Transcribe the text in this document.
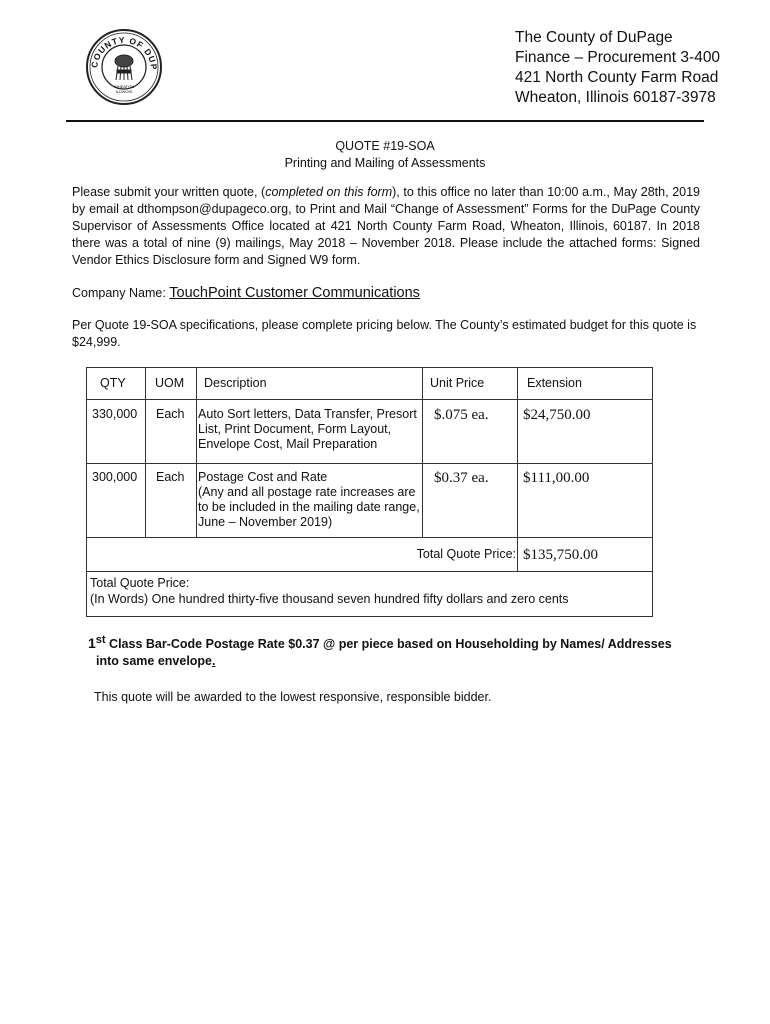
COUNTY OF DUP
WHEATON
ILLINOIS
The County of DuPage
Finance – Procurement 3-400
421 North County Farm Road
Wheaton, Illinois 60187-3978
QUOTE #19-SOA
Printing and Mailing of Assessments
Please submit your written quote, (completed on this form), to this office no later than 10:00 a.m., May 28th, 2019 by email at dthompson@dupageco.org, to Print and Mail “Change of Assessment” Forms for the DuPage County Supervisor of Assessments Office located at 421 North County Farm Road, Wheaton, Illinois, 60187. In 2018 there was a total of nine (9) mailings, May 2018 – November 2018. Please include the attached forms: Signed Vendor Ethics Disclosure form and Signed W9 form.
Company Name: TouchPoint Customer Communications
Per Quote 19-SOA specifications, please complete pricing below. The County’s estimated budget for this quote is $24,999.
QTY UOM Description	Unit Price	Extension
330,000 Each Auto Sort letters, Data Transfer, Presort
List, Print Document, Form Layout,
Envelope Cost, Mail Preparation
$.075 ea. $24,750.00
300,000 Each Postage Cost and Rate
(Any and all postage rate increases are
to be included in the mailing date range,
June – November 2019)
$0.37 ea. $111,00.00
Total Quote Price: $135,750.00
Total Quote Price:
(In Words) One hundred thirty-five thousand seven hundred fifty dollars and zero cents
1st Class Bar-Code Postage Rate $0.37 @ per piece based on Householding by Names/ Addresses
into same envelope.
This quote will be awarded to the lowest responsive, responsible bidder.
